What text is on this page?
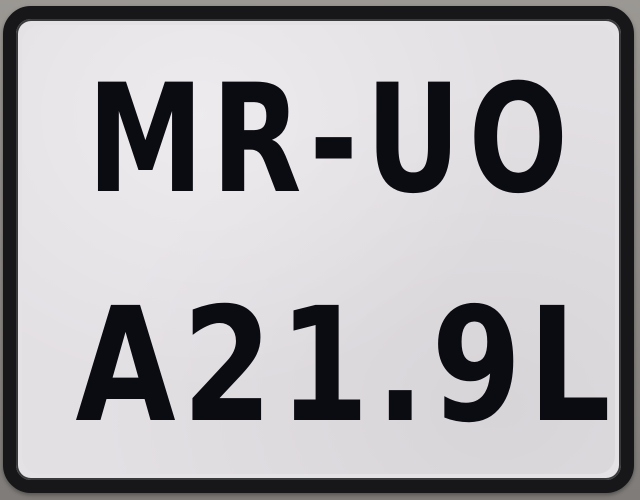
MR-UO
A21.9L
